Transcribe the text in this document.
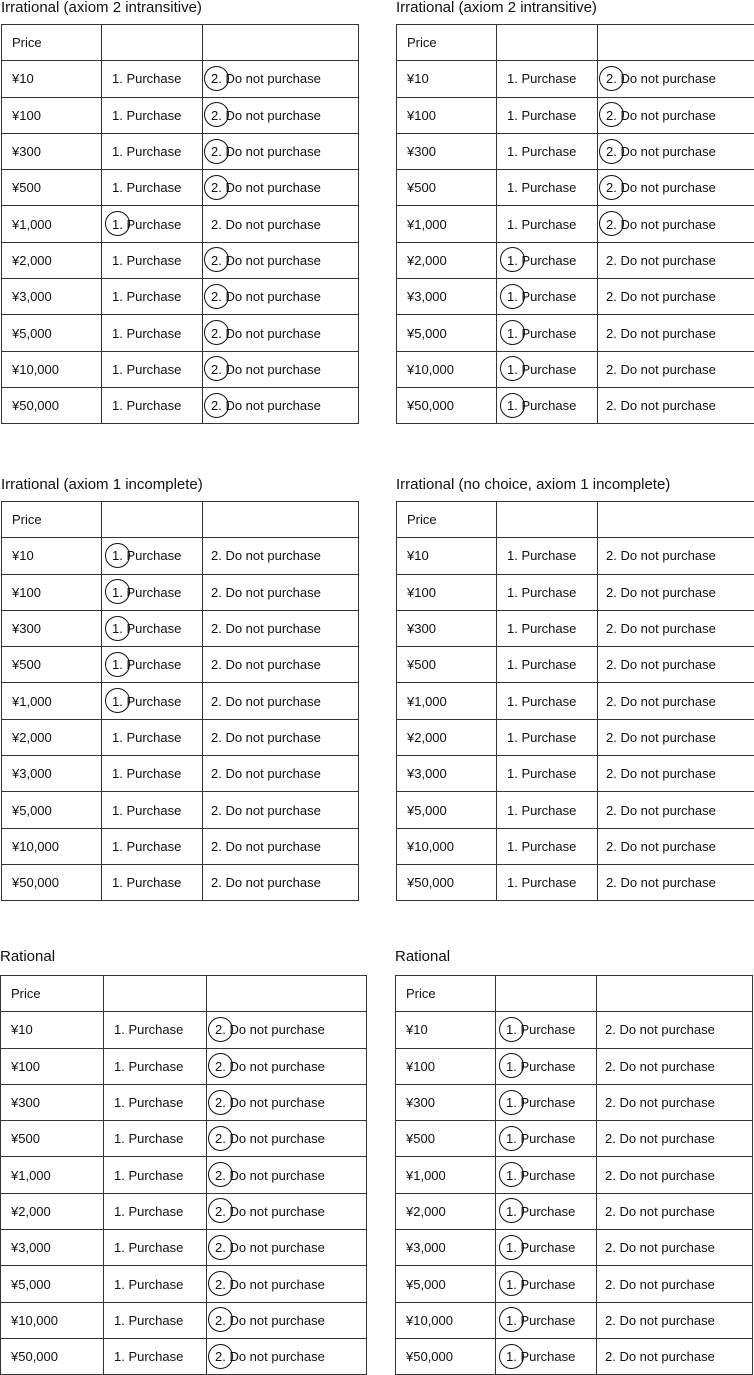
Irrational (axiom 2 intransitive)
Price		
¥10	1. Purchase	2. Do not purchase

¥100	1. Purchase	2. Do not purchase

¥300	1. Purchase	2. Do not purchase

¥500	1. Purchase	2. Do not purchase

¥1,000	1. Purchase	2. Do not purchase
¥2,000	1. Purchase	2. Do not purchase

¥3,000	1. Purchase	2. Do not purchase

¥5,000	1. Purchase	2. Do not purchase

¥10,000	1. Purchase	2. Do not purchase

¥50,000	1. Purchase	2. Do not purchase
Irrational (axiom 2 intransitive)
Price		
¥10	1. Purchase	2. Do not purchase

¥100	1. Purchase	2. Do not purchase

¥300	1. Purchase	2. Do not purchase

¥500	1. Purchase	2. Do not purchase

¥1,000	1. Purchase	2. Do not purchase

¥2,000	1. Purchase	2. Do not purchase
¥3,000	1. Purchase	2. Do not purchase
¥5,000	1. Purchase	2. Do not purchase
¥10,000	1. Purchase	2. Do not purchase
¥50,000	1. Purchase	2. Do not purchase
Irrational (axiom 1 incomplete)
Price		
¥10	1. Purchase	2. Do not purchase
¥100	1. Purchase	2. Do not purchase
¥300	1. Purchase	2. Do not purchase
¥500	1. Purchase	2. Do not purchase
¥1,000	1. Purchase	2. Do not purchase
¥2,000	1. Purchase	2. Do not purchase
¥3,000	1. Purchase	2. Do not purchase
¥5,000	1. Purchase	2. Do not purchase
¥10,000	1. Purchase	2. Do not purchase
¥50,000	1. Purchase	2. Do not purchase
Irrational (no choice, axiom 1 incomplete)
Price		
¥10	1. Purchase	2. Do not purchase
¥100	1. Purchase	2. Do not purchase
¥300	1. Purchase	2. Do not purchase
¥500	1. Purchase	2. Do not purchase
¥1,000	1. Purchase	2. Do not purchase
¥2,000	1. Purchase	2. Do not purchase
¥3,000	1. Purchase	2. Do not purchase
¥5,000	1. Purchase	2. Do not purchase
¥10,000	1. Purchase	2. Do not purchase
¥50,000	1. Purchase	2. Do not purchase
Rational
Price		
¥10	1. Purchase	2. Do not purchase

¥100	1. Purchase	2. Do not purchase

¥300	1. Purchase	2. Do not purchase

¥500	1. Purchase	2. Do not purchase

¥1,000	1. Purchase	2. Do not purchase

¥2,000	1. Purchase	2. Do not purchase

¥3,000	1. Purchase	2. Do not purchase

¥5,000	1. Purchase	2. Do not purchase

¥10,000	1. Purchase	2. Do not purchase

¥50,000	1. Purchase	2. Do not purchase
Rational
Price		
¥10	1. Purchase	2. Do not purchase
¥100	1. Purchase	2. Do not purchase
¥300	1. Purchase	2. Do not purchase
¥500	1. Purchase	2. Do not purchase
¥1,000	1. Purchase	2. Do not purchase
¥2,000	1. Purchase	2. Do not purchase
¥3,000	1. Purchase	2. Do not purchase
¥5,000	1. Purchase	2. Do not purchase
¥10,000	1. Purchase	2. Do not purchase
¥50,000	1. Purchase	2. Do not purchase
